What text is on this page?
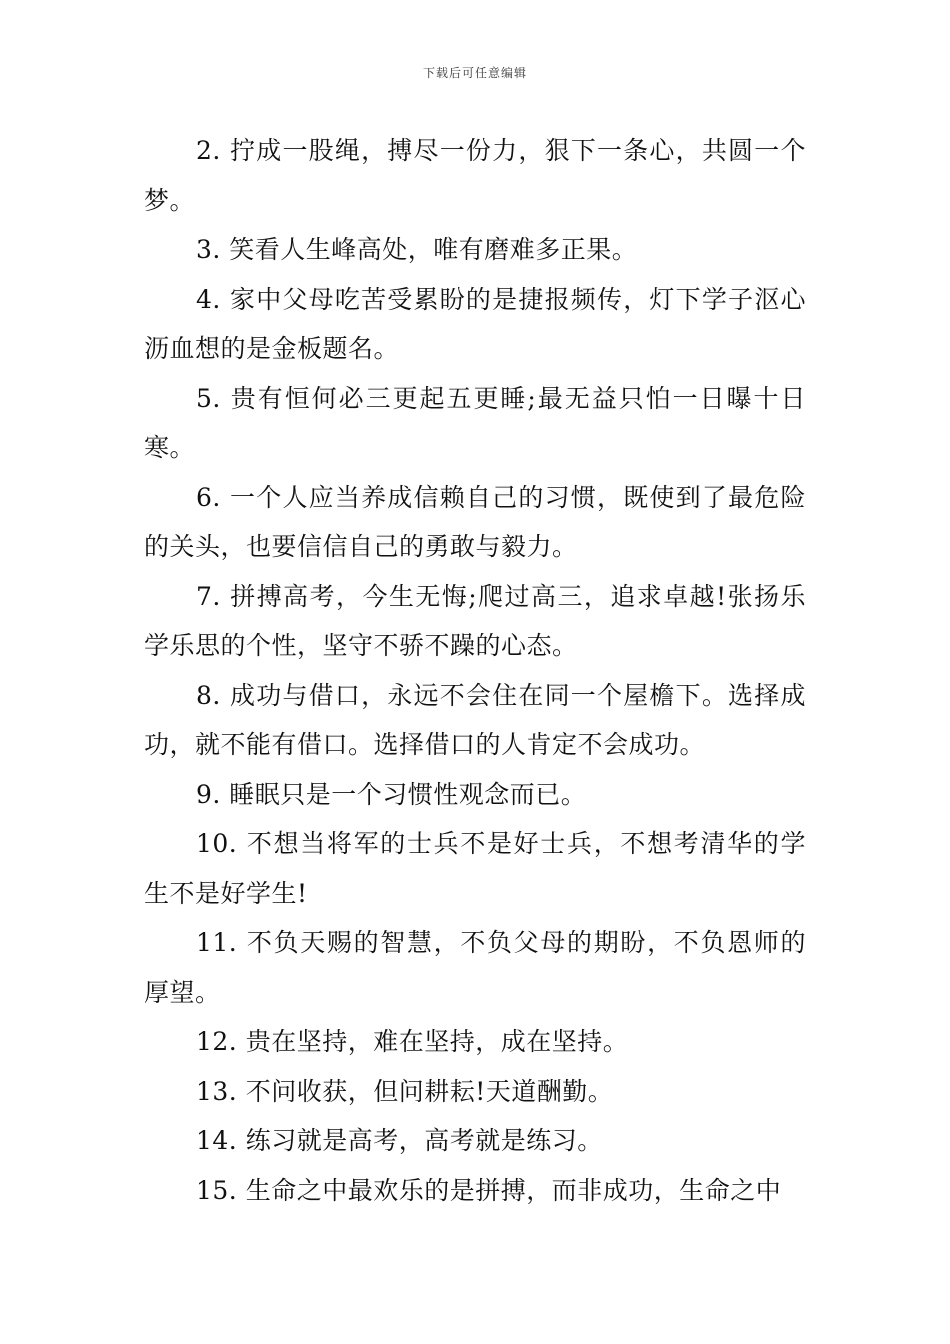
下载后可任意编辑

2. 拧成一股绳，搏尽一份力，狠下一条心，共圆一个梦。

3. 笑看人生峰高处，唯有磨难多正果。

4. 家中父母吃苦受累盼的是捷报频传，灯下学子沤心沥血想的是金板题名。

5. 贵有恒何必三更起五更睡;最无益只怕一日曝十日寒。

6. 一个人应当养成信赖自己的习惯，既使到了最危险的关头，也要信信自己的勇敢与毅力。

7. 拼搏高考，今生无悔;爬过高三，追求卓越!张扬乐学乐思的个性，坚守不骄不躁的心态。

8. 成功与借口，永远不会住在同一个屋檐下。选择成功，就不能有借口。选择借口的人肯定不会成功。

9. 睡眠只是一个习惯性观念而已。

10. 不想当将军的士兵不是好士兵，不想考清华的学生不是好学生!

11. 不负天赐的智慧，不负父母的期盼，不负恩师的厚望。

12. 贵在坚持，难在坚持，成在坚持。

13. 不问收获，但问耕耘!天道酬勤。

14. 练习就是高考，高考就是练习。

15. 生命之中最欢乐的是拼搏，而非成功，生命之中
